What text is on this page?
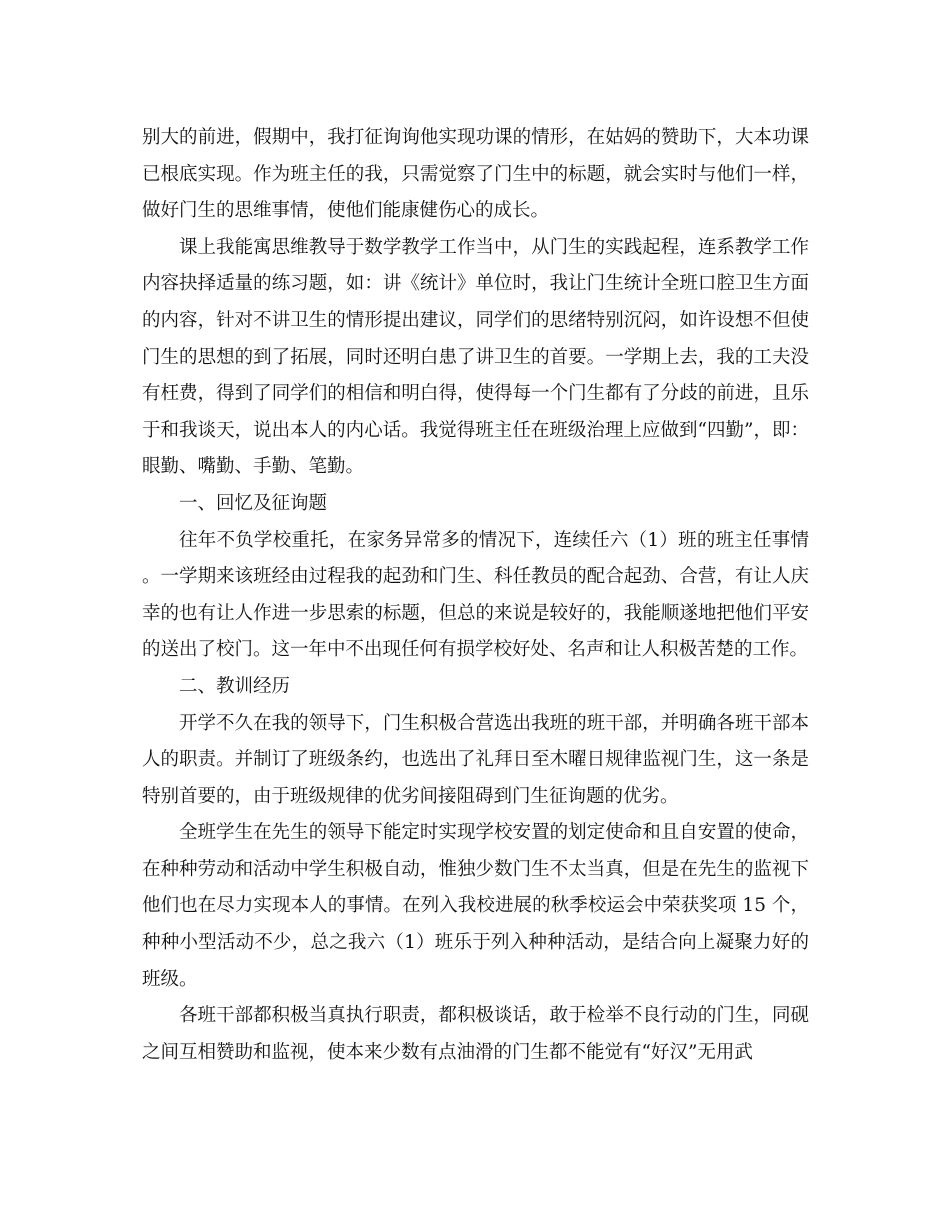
别大的前进，假期中，我打征询询他实现功课的情形，在姑妈的赞助下，大本功课已根底实现。作为班主任的我，只需觉察了门生中的标题，就会实时与他们一样，做好门生的思维事情，使他们能康健伤心的成长。

课上我能寓思维教导于数学教学工作当中，从门生的实践起程，连系教学工作内容抉择适量的练习题，如：讲《统计》单位时，我让门生统计全班口腔卫生方面的内容，针对不讲卫生的情形提出建议，同学们的思绪特别沉闷，如许设想不但使门生的思想的到了拓展，同时还明白患了讲卫生的首要。一学期上去，我的工夫没有枉费，得到了同学们的相信和明白得，使得每一个门生都有了分歧的前进，且乐于和我谈天，说出本人的内心话。我觉得班主任在班级治理上应做到“四勤”，即：眼勤、嘴勤、手勤、笔勤。

一、回忆及征询题

往年不负学校重托，在家务异常多的情况下，连续任六（1）班的班主任事情。一学期来该班经由过程我的起劲和门生、科任教员的配合起劲、合营，有让人庆幸的也有让人作进一步思索的标题，但总的来说是较好的，我能顺遂地把他们平安的送出了校门。这一年中不出现任何有损学校好处、名声和让人积极苦楚的工作。

二、教训经历

开学不久在我的领导下，门生积极合营选出我班的班干部，并明确各班干部本人的职责。并制订了班级条约，也选出了礼拜日至木曜日规律监视门生，这一条是特别首要的，由于班级规律的优劣间接阻碍到门生征询题的优劣。

全班学生在先生的领导下能定时实现学校安置的划定使命和且自安置的使命，在种种劳动和活动中学生积极自动，惟独少数门生不太当真，但是在先生的监视下他们也在尽力实现本人的事情。在列入我校进展的秋季校运会中荣获奖项 15 个，种种小型活动不少，总之我六（1）班乐于列入种种活动，是结合向上凝聚力好的班级。

各班干部都积极当真执行职责，都积极谈话，敢于检举不良行动的门生，同砚之间互相赞助和监视，使本来少数有点油滑的门生都不能觉有“好汉”无用武
